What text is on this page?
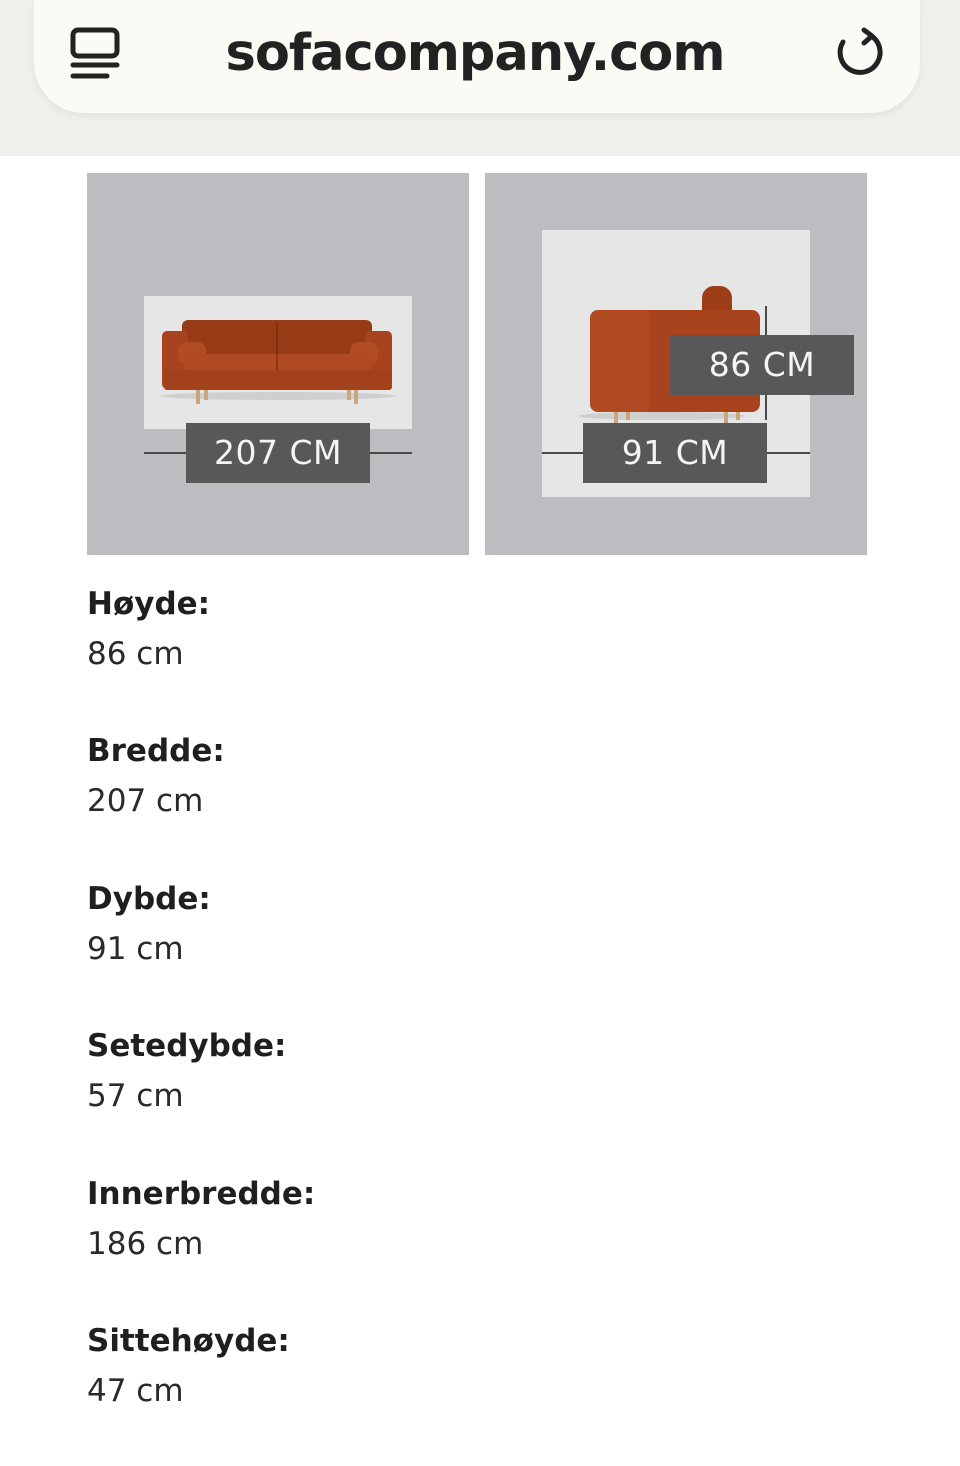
sofacompany.com
207 CM
86 CM
91 CM
Høyde:
86 cm
Bredde:
207 cm
Dybde:
91 cm
Setedybde:
57 cm
Innerbredde:
186 cm
Sittehøyde:
47 cm
